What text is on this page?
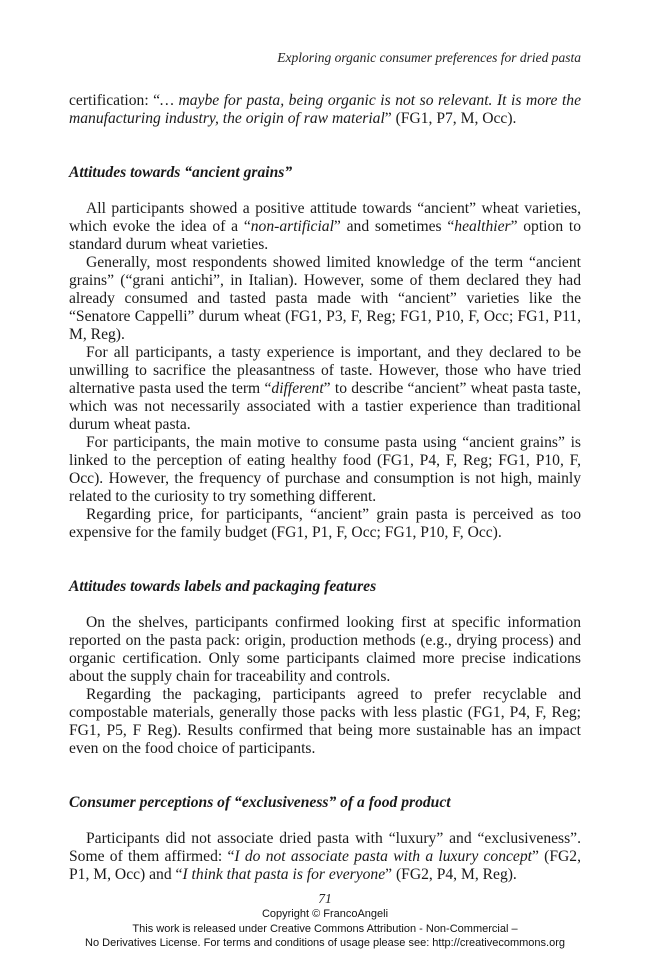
Exploring organic consumer preferences for dried pasta

certification: “… maybe for pasta, being organic is not so relevant. It is more the manufacturing industry, the origin of raw material” (FG1, P7, M, Occ).

Attitudes towards “ancient grains”

All participants showed a positive attitude towards “ancient” wheat varieties, which evoke the idea of a “non-artificial” and sometimes “healthier” option to standard durum wheat varieties.

Generally, most respondents showed limited knowledge of the term “ancient grains” (“grani antichi”, in Italian). However, some of them declared they had already consumed and tasted pasta made with “ancient” varieties like the “Senatore Cappelli” durum wheat (FG1, P3, F, Reg; FG1, P10, F, Occ; FG1, P11, M, Reg).

For all participants, a tasty experience is important, and they declared to be unwilling to sacrifice the pleasantness of taste. However, those who have tried alternative pasta used the term “different” to describe “ancient” wheat pasta taste, which was not necessarily associated with a tastier experience than traditional durum wheat pasta.

For participants, the main motive to consume pasta using “ancient grains” is linked to the perception of eating healthy food (FG1, P4, F, Reg; FG1, P10, F, Occ). However, the frequency of purchase and consumption is not high, mainly related to the curiosity to try something different.

Regarding price, for participants, “ancient” grain pasta is perceived as too expensive for the family budget (FG1, P1, F, Occ; FG1, P10, F, Occ).

Attitudes towards labels and packaging features

On the shelves, participants confirmed looking first at specific information reported on the pasta pack: origin, production methods (e.g., drying process) and organic certification. Only some participants claimed more precise indications about the supply chain for traceability and controls.

Regarding the packaging, participants agreed to prefer recyclable and compostable materials, generally those packs with less plastic (FG1, P4, F, Reg; FG1, P5, F Reg). Results confirmed that being more sustainable has an impact even on the food choice of participants.

Consumer perceptions of “exclusiveness” of a food product

Participants did not associate dried pasta with “luxury” and “exclusiveness”. Some of them affirmed: “I do not associate pasta with a luxury concept” (FG2, P1, M, Occ) and “I think that pasta is for everyone” (FG2, P4, M, Reg).

71
Copyright © FrancoAngeli
This work is released under Creative Commons Attribution - Non-Commercial –
No Derivatives License. For terms and conditions of usage please see: http://creativecommons.org
